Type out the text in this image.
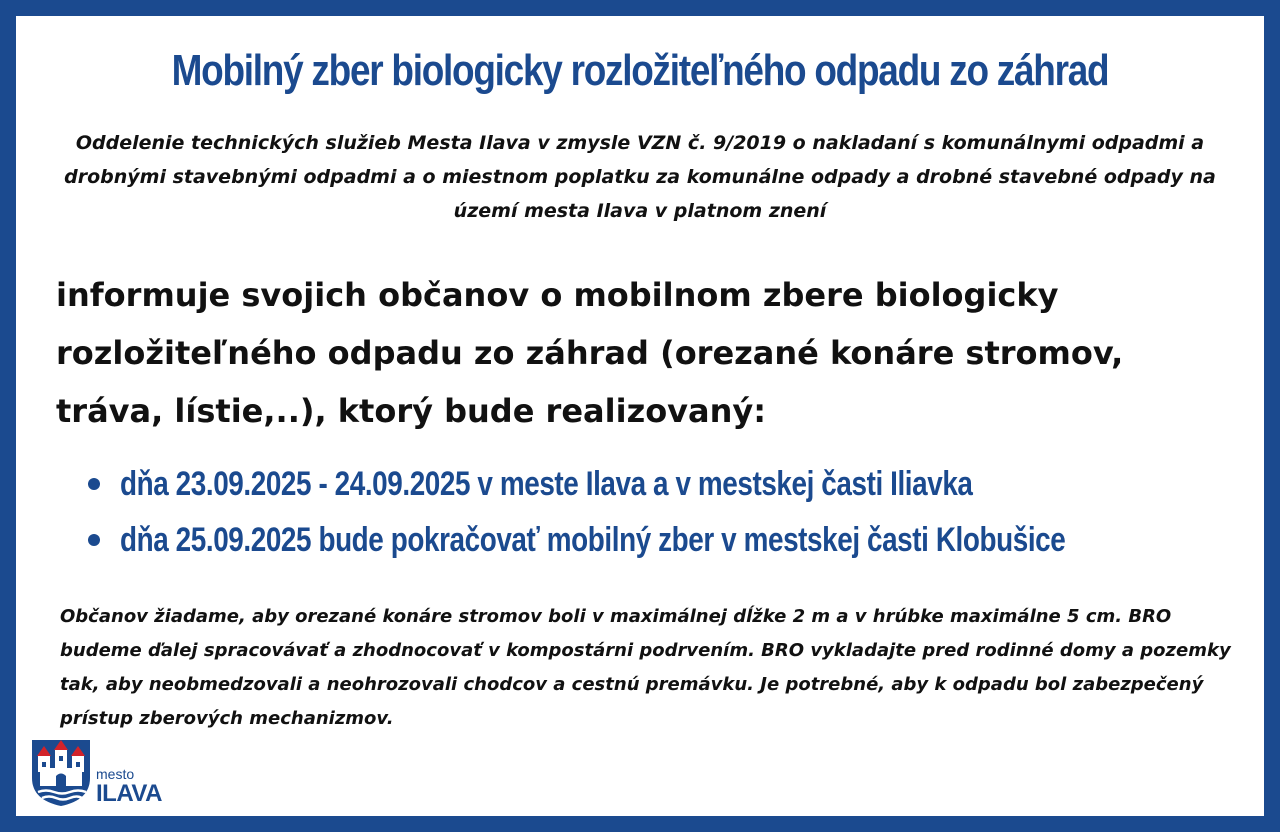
Mobilný zber biologicky rozložiteľného odpadu zo záhrad
Oddelenie technických služieb Mesta Ilava v zmysle VZN č. 9/2019 o nakladaní s komunálnymi odpadmi a drobnými stavebnými odpadmi a o miestnom poplatku za komunálne odpady a drobné stavebné odpady na území mesta Ilava v platnom znení
informuje svojich občanov o mobilnom zbere biologicky rozložiteľného odpadu zo záhrad (orezané konáre stromov, tráva, lístie,..), ktorý bude realizovaný:
dňa 23.09.2025 - 24.09.2025 v meste Ilava a v mestskej časti Iliavka
dňa 25.09.2025 bude pokračovať mobilný zber v mestskej časti Klobušice
Občanov žiadame, aby orezané konáre stromov boli v maximálnej dĺžke 2 m a v hrúbke maximálne 5 cm. BRO budeme ďalej spracovávať a zhodnocovať v kompostárni podrvením. BRO vykladajte pred rodinné domy a pozemky tak, aby neobmedzovali a neohrozovali chodcov a cestnú premávku. Je potrebné, aby k odpadu bol zabezpečený prístup zberových mechanizmov.
mesto
ILAVA
